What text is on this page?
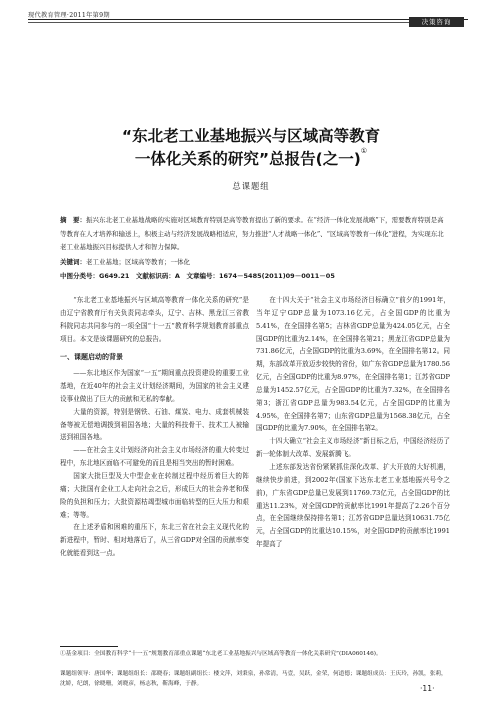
现代教育管理·2011年第9期
决策咨询
“东北老工业基地振兴与区域高等教育
一体化关系的研究”总报告(之一)①
总课题组
摘　要：振兴东北老工业基地战略的实施对区域教育特别是高等教育提出了新的要求。在“经济一体化发展战略”下，需要教育特别是高等教育在人才培养和输送上，积极主动与经济发展战略相适应，努力推进“人才战略一体化”、“区域高等教育一体化”进程，为实现东北老工业基地振兴目标提供人才和智力保障。
关键词：老工业基地；区域高等教育；一体化
中图分类号：G649.21　文献标识码：A　文章编号：1674－5485(2011)09－0011－05

“东北老工业基地振兴与区域高等教育一体化关系的研究”是由辽宁省教育厅有关负责同志牵头，辽宁、吉林、黑龙江三省教科院同志共同参与的一项全国“十一五”教育科学规划教育部重点项目。本文是该课题研究的总报告。

一、课题启动的背景

——东北地区作为国家“一五”期间重点投资建设的重要工业基地，在近40年的社会主义计划经济期间，为国家的社会主义建设事业做出了巨大的贡献和无私的奉献。

大量的资源，特别是钢铁、石油、煤炭、电力、成套机械装备等被无偿地调拨到祖国各地；大量的科技骨干、技术工人被输送到祖国各地。

——在社会主义计划经济向社会主义市场经济的重大转变过程中，东北地区面临不可避免的而且是相当突出的暂时困难。

国家大批巨型及大中型企业在转制过程中经历着巨大的阵痛；大批国有企业工人走向社会之后，形成巨大的社会养老和保险的负担和压力；大批资源枯竭型城市面临转型的巨大压力和艰难；等等。

在上述矛盾和困难的重压下，东北三省在社会主义现代化的新进程中，暂时、相对地落后了，从三省GDP对全国的贡献率变化就能看到这一点。

在十四大关于“社会主义市场经济目标确立”前夕的1991年，当年辽宁GDP总量为1073.16亿元，占全国GDP的比重为5.41%，在全国排名第5；吉林省GDP总量为424.05亿元，占全国GDP的比重为2.14%，在全国排名第21；黑龙江省GDP总量为731.86亿元，占全国GDP的比重为3.69%，在全国排名第12。同期，东部改革开放迈步较快的省份，如广东省GDP总量为1780.56亿元，占全国GDP的比重为8.97%，在全国排名第1；江苏省GDP总量为1452.57亿元，占全国GDP的比重为7.32%，在全国排名第3；浙江省GDP总量为983.54亿元，占全国GDP的比重为4.95%，在全国排名第7；山东省GDP总量为1568.38亿元，占全国GDP的比重为7.90%，在全国排名第2。

十四大确立“社会主义市场经济”新目标之后，中国经济经历了新一轮体制大改革、发展新腾飞。

上述东部发达省份紧紧抓住深化改革、扩大开放的大好机遇，继续快步前进，到2002年(国家下达东北老工业基地振兴号令之前)，广东省GDP总量已发展到11769.73亿元，占全国GDP的比重达11.23%，对全国GDP的贡献率比1991年提高了2.26个百分点，在全国继续保持排名第1；江苏省GDP总量达到10631.75亿元，占全国GDP的比重达10.15%，对全国GDP的贡献率比1991年提高了

①基金项目：全国教育科学“十一五”规划教育部重点课题“东北老工业基地振兴与区域高等教育一体化关系研究”(DIA060146)。
课题组领导：唐国华；课题组组长：邵晓春；课题组副组长：楼文萍，刘秉泉，孙常清，马壹，吴跃，金荣，何道德；课题组成员：王庆玲，孙凯，张莉，沈娇，纪朗，徐晓珊，刘晓彦，杨志秋，靳海峰，于静。	·11·
